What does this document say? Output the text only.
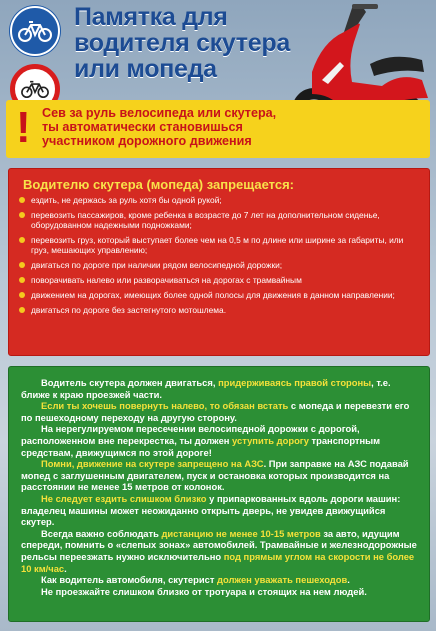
Памятка для водителя скутера или мопеда
! Сев за руль велосипеда или скутера, ты автоматически становишься участником дорожного движения
Водителю скутера (мопеда) запрещается:
ездить, не держась за руль хотя бы одной рукой;
перевозить пассажиров, кроме ребенка в возрасте до 7 лет на дополнительном сиденье, оборудованном надежными подножками;
перевозить груз, который выступает более чем на 0,5 м по длине или ширине за габариты, или груз, мешающих управлению;
двигаться по дороге при наличии рядом велосипедной дорожки;
поворачивать налево или разворачиваться на дорогах с трамвайным
движением на дорогах, имеющих более одной полосы для движения в данном направлении;
двигаться по дороге без застегнутого мотошлема.

Водитель скутера должен двигаться, придерживаясь правой стороны, т.е. ближе к краю проезжей части.

Если ты хочешь повернуть налево, то обязан встать с мопеда и перевезти его по пешеходному переходу на другую сторону.

На нерегулируемом пересечении велосипедной дорожки с дорогой, расположенном вне перекрестка, ты должен уступить дорогу транспортным средствам, движущимся по этой дороге!

Помни, движение на скутере запрещено на АЗС. При заправке на АЗС подавай мопед с заглушенным двигателем, пуск и остановка которых производится на расстоянии не менее 15 метров от колонок.

Не следует ездить слишком близко у припаркованных вдоль дороги машин: владелец машины может неожиданно открыть дверь, не увидев движущийся скутер.

Всегда важно соблюдать дистанцию не менее 10-15 метров за авто, идущим спереди, помнить о «слепых зонах» автомобилей. Трамвайные и железнодорожные рельсы переезжать нужно исключительно под прямым углом на скорости не более 10 км/час.

Как водитель автомобиля, скутерист должен уважать пешеходов.

Не проезжайте слишком близко от тротуара и стоящих на нем людей.
